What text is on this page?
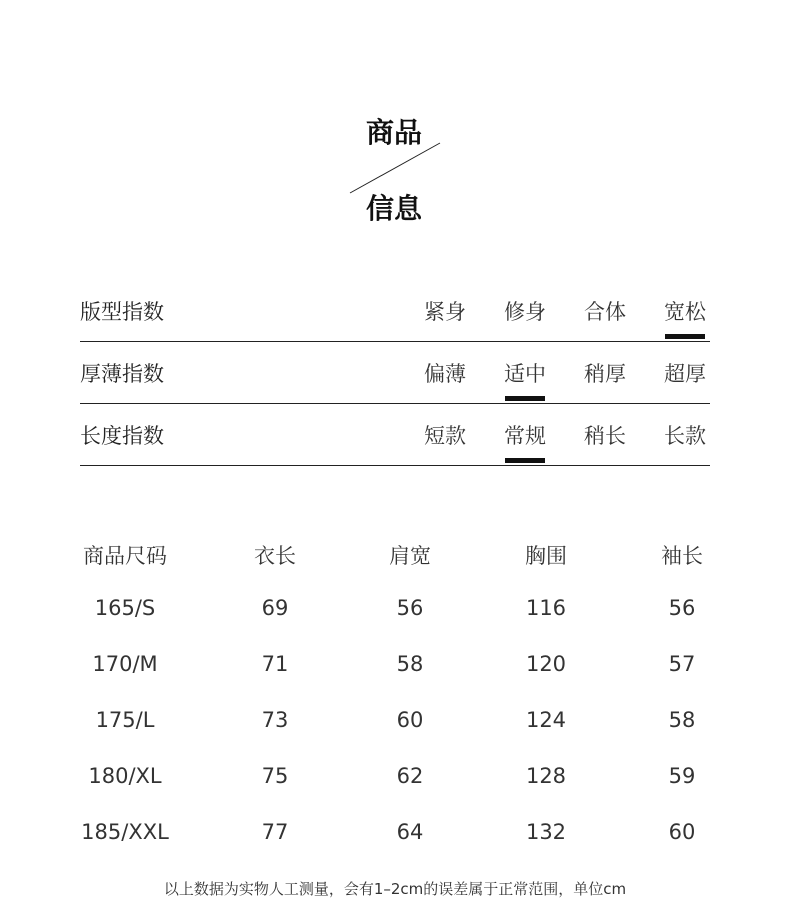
商品
信息
版型指数	紧身 修身 合体 宽松
厚薄指数	偏薄 适中 稍厚 超厚
长度指数	短款 常规 稍长 长款
商品尺码	衣长	肩宽	胸围	袖长
165/S	69	56	116	56
170/M	71	58	120	57
175/L	73	60	124	58
180/XL	75	62	128	59
185/XXL	77	64	132	60
以上数据为实物人工测量，会有1–2cm的误差属于正常范围，单位cm
